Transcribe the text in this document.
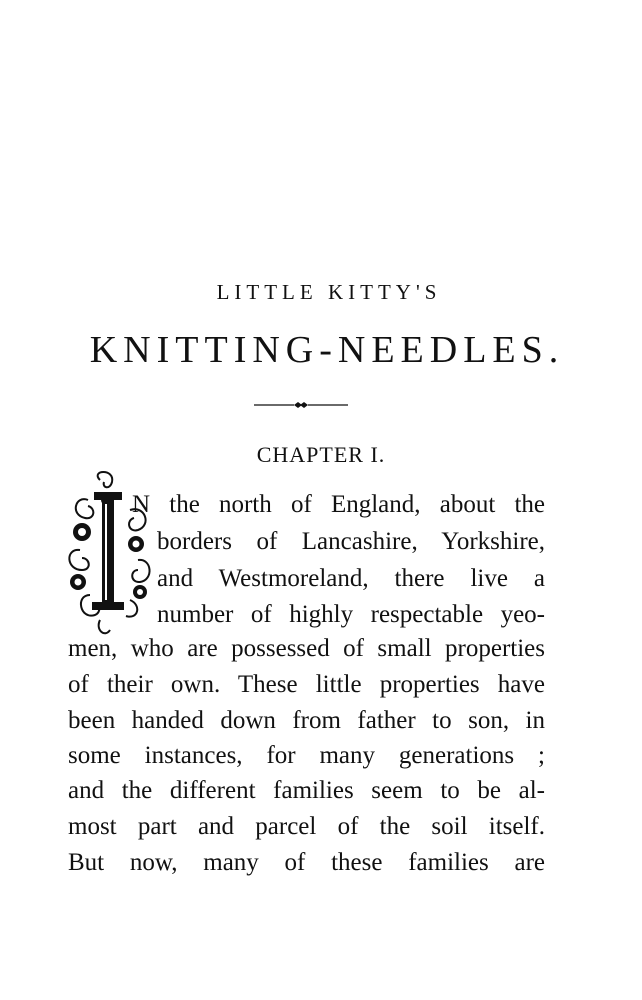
LITTLE KITTY'S
KNITTING-NEEDLES.
CHAPTER I.
N the north of England, about the
borders of Lancashire, Yorkshire,
and Westmoreland, there live a
number of highly respectable yeo-
men, who are possessed of small properties
of their own. These little properties have
been handed down from father to son, in
some instances, for many generations ;
and the different families seem to be al-
most part and parcel of the soil itself.
But now, many of these families are
